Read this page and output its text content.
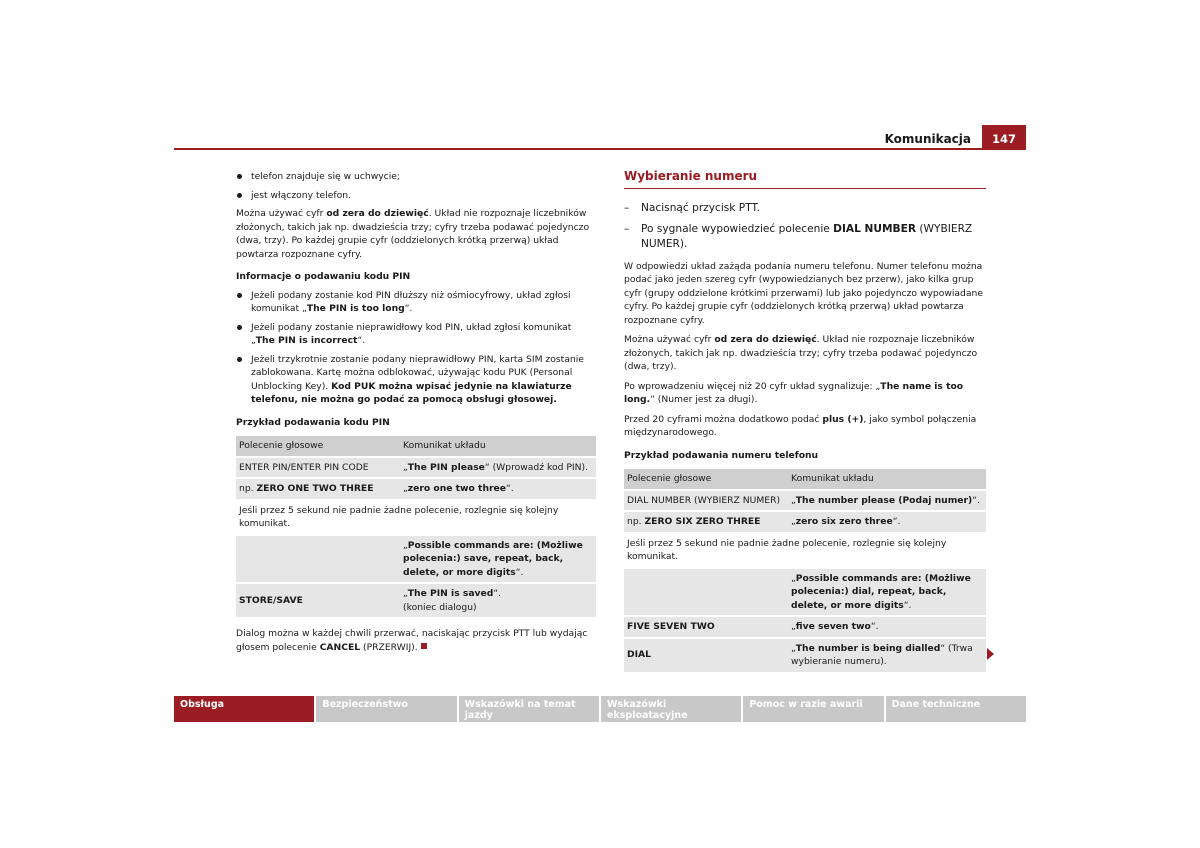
Komunikacja	147
telefon znajduje się w uchwycie;
jest włączony telefon.

Można używać cyfr od zera do dziewięć. Układ nie rozpoznaje liczebników złożonych, takich jak np. dwadzieścia trzy; cyfry trzeba podawać pojedynczo (dwa, trzy). Po każdej grupie cyfr (oddzielonych krótką przerwą) układ powtarza rozpoznane cyfry.

Informacje o podawaniu kodu PIN
Jeżeli podany zostanie kod PIN dłuższy niż ośmiocyfrowy, układ zgłosi komunikat „The PIN is too long“.
Jeżeli podany zostanie nieprawidłowy kod PIN, układ zgłosi komunikat „The PIN is incorrect“.
Jeżeli trzykrotnie zostanie podany nieprawidłowy PIN, karta SIM zostanie zablokowana. Kartę można odblokować, używając kodu PUK (Personal Unblocking Key). Kod PUK można wpisać jedynie na klawiaturze telefonu, nie można go podać za pomocą obsługi głosowej.
Przykład podawania kodu PIN
Polecenie głosowe	Komunikat układu
ENTER PIN/ENTER PIN CODE	„The PIN please“ (Wprowadź kod PIN).
np. ZERO ONE TWO THREE	„zero one two three“.
Jeśli przez 5 sekund nie padnie żadne polecenie, rozlegnie się kolejny komunikat.	
	„Possible commands are: (Możliwe polecenia:) save, repeat, back, delete, or more digits“.
STORE/SAVE	„The PIN is saved“.
(koniec dialogu)

Dialog można w każdej chwili przerwać, naciskając przycisk PTT lub wydając głosem polecenie CANCEL (PRZERWIJ).

Wybieranie numeru
– Nacisnąć przycisk PTT.
– Po sygnale wypowiedzieć polecenie DIAL NUMBER (WYBIERZ NUMER).

W odpowiedzi układ zażąda podania numeru telefonu. Numer telefonu można podać jako jeden szereg cyfr (wypowiedzianych bez przerw), jako kilka grup cyfr (grupy oddzielone krótkimi przerwami) lub jako pojedynczo wypowiadane cyfry. Po każdej grupie cyfr (oddzielonych krótką przerwą) układ powtarza rozpoznane cyfry.

Można używać cyfr od zera do dziewięć. Układ nie rozpoznaje liczebników złożonych, takich jak np. dwadzieścia trzy; cyfry trzeba podawać pojedynczo (dwa, trzy).

Po wprowadzeniu więcej niż 20 cyfr układ sygnalizuje: „The name is too long.“ (Numer jest za długi).

Przed 20 cyframi można dodatkowo podać plus (+), jako symbol połączenia międzynarodowego.

Przykład podawania numeru telefonu
Polecenie głosowe	Komunikat układu
DIAL NUMBER (WYBIERZ NUMER)	„The number please (Podaj numer)“.
np. ZERO SIX ZERO THREE	„zero six zero three“.
Jeśli przez 5 sekund nie padnie żadne polecenie, rozlegnie się kolejny komunikat.	
	„Possible commands are: (Możliwe polecenia:) dial, repeat, back, delete, or more digits“.
FIVE SEVEN TWO	„five seven two“.
DIAL	„The number is being dialled“ (Trwa wybieranie numeru).
Obsługa	Bezpieczeństwo	Wskazówki na temat jazdy
Wskazówki eksploatacyjne
Pomoc w razie awarii	Dane techniczne
